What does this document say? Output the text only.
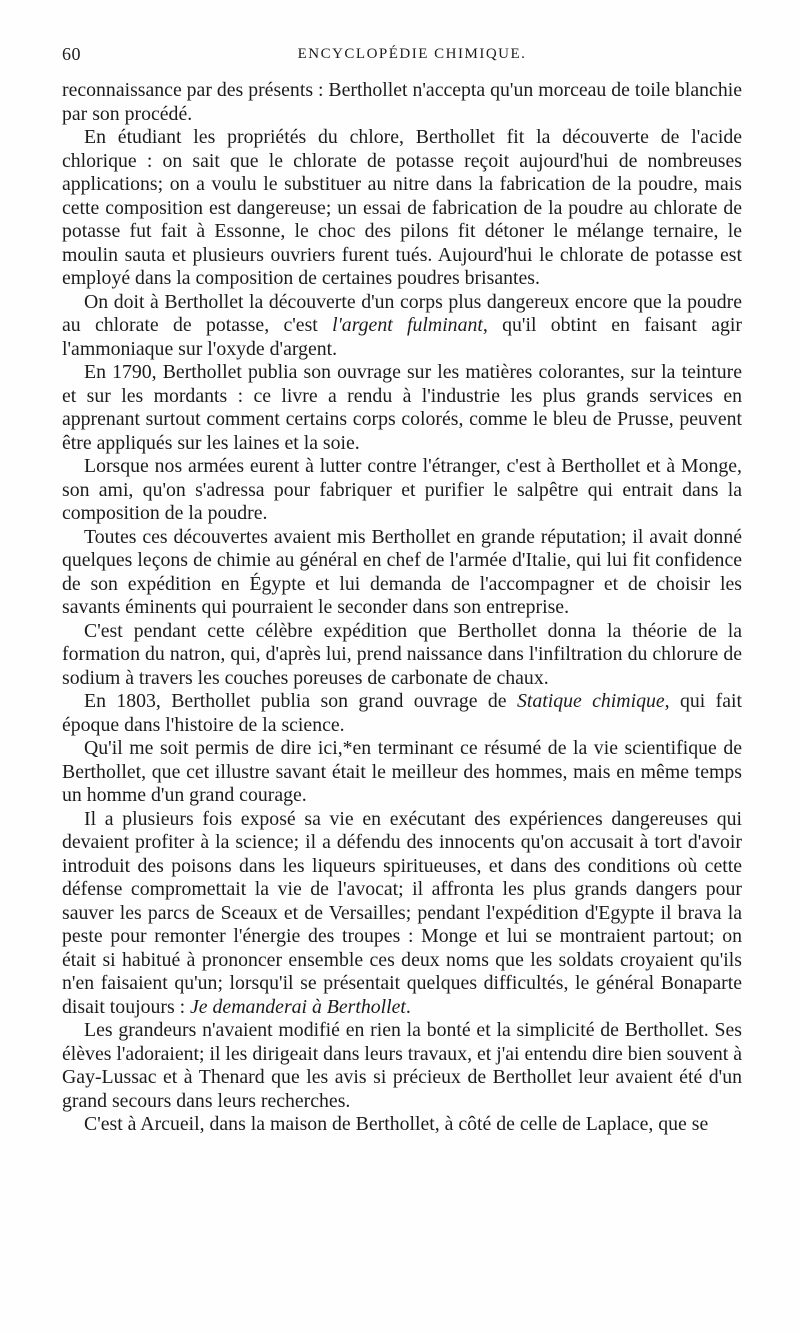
60	ENCYCLOPÉDIE CHIMIQUE.

reconnaissance par des présents : Berthollet n'accepta qu'un morceau de toile blanchie par son procédé.

En étudiant les propriétés du chlore, Berthollet fit la découverte de l'acide chlorique : on sait que le chlorate de potasse reçoit aujourd'hui de nombreuses applications; on a voulu le substituer au nitre dans la fabrication de la poudre, mais cette composition est dangereuse; un essai de fabrication de la poudre au chlorate de potasse fut fait à Essonne, le choc des pilons fit détoner le mélange ternaire, le moulin sauta et plusieurs ouvriers furent tués. Aujourd'hui le chlorate de potasse est employé dans la composition de certaines poudres brisantes.

On doit à Berthollet la découverte d'un corps plus dangereux encore que la poudre au chlorate de potasse, c'est l'argent fulminant, qu'il obtint en faisant agir l'ammoniaque sur l'oxyde d'argent.

En 1790, Berthollet publia son ouvrage sur les matières colorantes, sur la teinture et sur les mordants : ce livre a rendu à l'industrie les plus grands services en apprenant surtout comment certains corps colorés, comme le bleu de Prusse, peuvent être appliqués sur les laines et la soie.

Lorsque nos armées eurent à lutter contre l'étranger, c'est à Berthollet et à Monge, son ami, qu'on s'adressa pour fabriquer et purifier le salpêtre qui entrait dans la composition de la poudre.

Toutes ces découvertes avaient mis Berthollet en grande réputation; il avait donné quelques leçons de chimie au général en chef de l'armée d'Italie, qui lui fit confidence de son expédition en Égypte et lui demanda de l'accompagner et de choisir les savants éminents qui pourraient le seconder dans son entreprise.

C'est pendant cette célèbre expédition que Berthollet donna la théorie de la formation du natron, qui, d'après lui, prend naissance dans l'infiltration du chlorure de sodium à travers les couches poreuses de carbonate de chaux.

En 1803, Berthollet publia son grand ouvrage de Statique chimique, qui fait époque dans l'histoire de la science.

Qu'il me soit permis de dire ici,*en terminant ce résumé de la vie scientifique de Berthollet, que cet illustre savant était le meilleur des hommes, mais en même temps un homme d'un grand courage.

Il a plusieurs fois exposé sa vie en exécutant des expériences dangereuses qui devaient profiter à la science; il a défendu des innocents qu'on accusait à tort d'avoir introduit des poisons dans les liqueurs spiritueuses, et dans des conditions où cette défense compromettait la vie de l'avocat; il affronta les plus grands dangers pour sauver les parcs de Sceaux et de Versailles; pendant l'expédition d'Egypte il brava la peste pour remonter l'énergie des troupes : Monge et lui se montraient partout; on était si habitué à prononcer ensemble ces deux noms que les soldats croyaient qu'ils n'en faisaient qu'un; lorsqu'il se présentait quelques difficultés, le général Bonaparte disait toujours : Je demanderai à Berthollet.

Les grandeurs n'avaient modifié en rien la bonté et la simplicité de Berthollet. Ses élèves l'adoraient; il les dirigeait dans leurs travaux, et j'ai entendu dire bien souvent à Gay-Lussac et à Thenard que les avis si précieux de Berthollet leur avaient été d'un grand secours dans leurs recherches.

C'est à Arcueil, dans la maison de Berthollet, à côté de celle de Laplace, que se
